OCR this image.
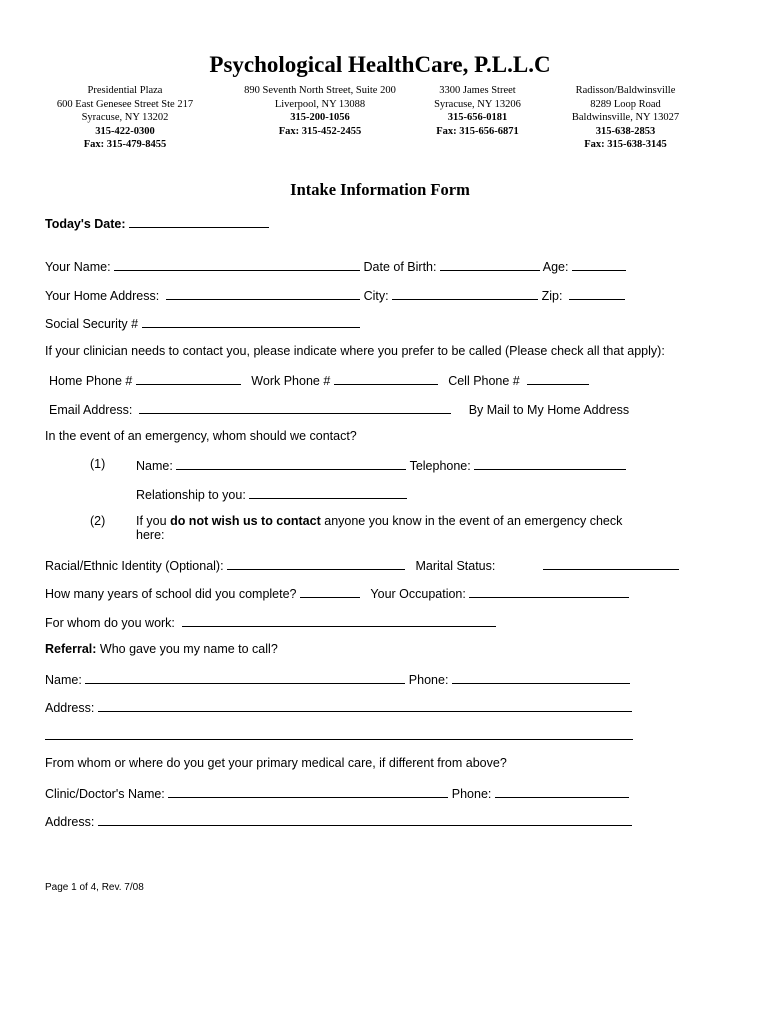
Psychological HealthCare, P.L.L.C
Presidential Plaza
600 East Genesee Street Ste 217
Syracuse, NY 13202
315-422-0300
Fax: 315-479-8455
890 Seventh North Street, Suite 200
Liverpool, NY 13088
315-200-1056
Fax: 315-452-2455
3300 James Street
Syracuse, NY 13206
315-656-0181
Fax: 315-656-6871
Radisson/Baldwinsville
8289 Loop Road
Baldwinsville, NY 13027
315-638-2853
Fax: 315-638-3145
Intake Information Form
Today's Date:
Your Name:	Date of Birth:	Age:
Your Home Address:	City:	Zip:
Social Security #
If your clinician needs to contact you, please indicate where you prefer to be called (Please check all that apply):
Home Phone #	Work Phone #	Cell Phone #
Email Address:	By Mail to My Home Address
In the event of an emergency, whom should we contact?
(1) Name:	Telephone:
Relationship to you:
(2) If you do not wish us to contact anyone you know in the event of an emergency check
here:
Racial/Ethnic Identity (Optional):	Marital Status:
How many years of school did you complete?	Your Occupation:
For whom do you work:
Referral: Who gave you my name to call?
Name:	Phone:
Address:
From whom or where do you get your primary medical care, if different from above?
Clinic/Doctor's Name:	Phone:
Address:
Page 1 of 4, Rev. 7/08
